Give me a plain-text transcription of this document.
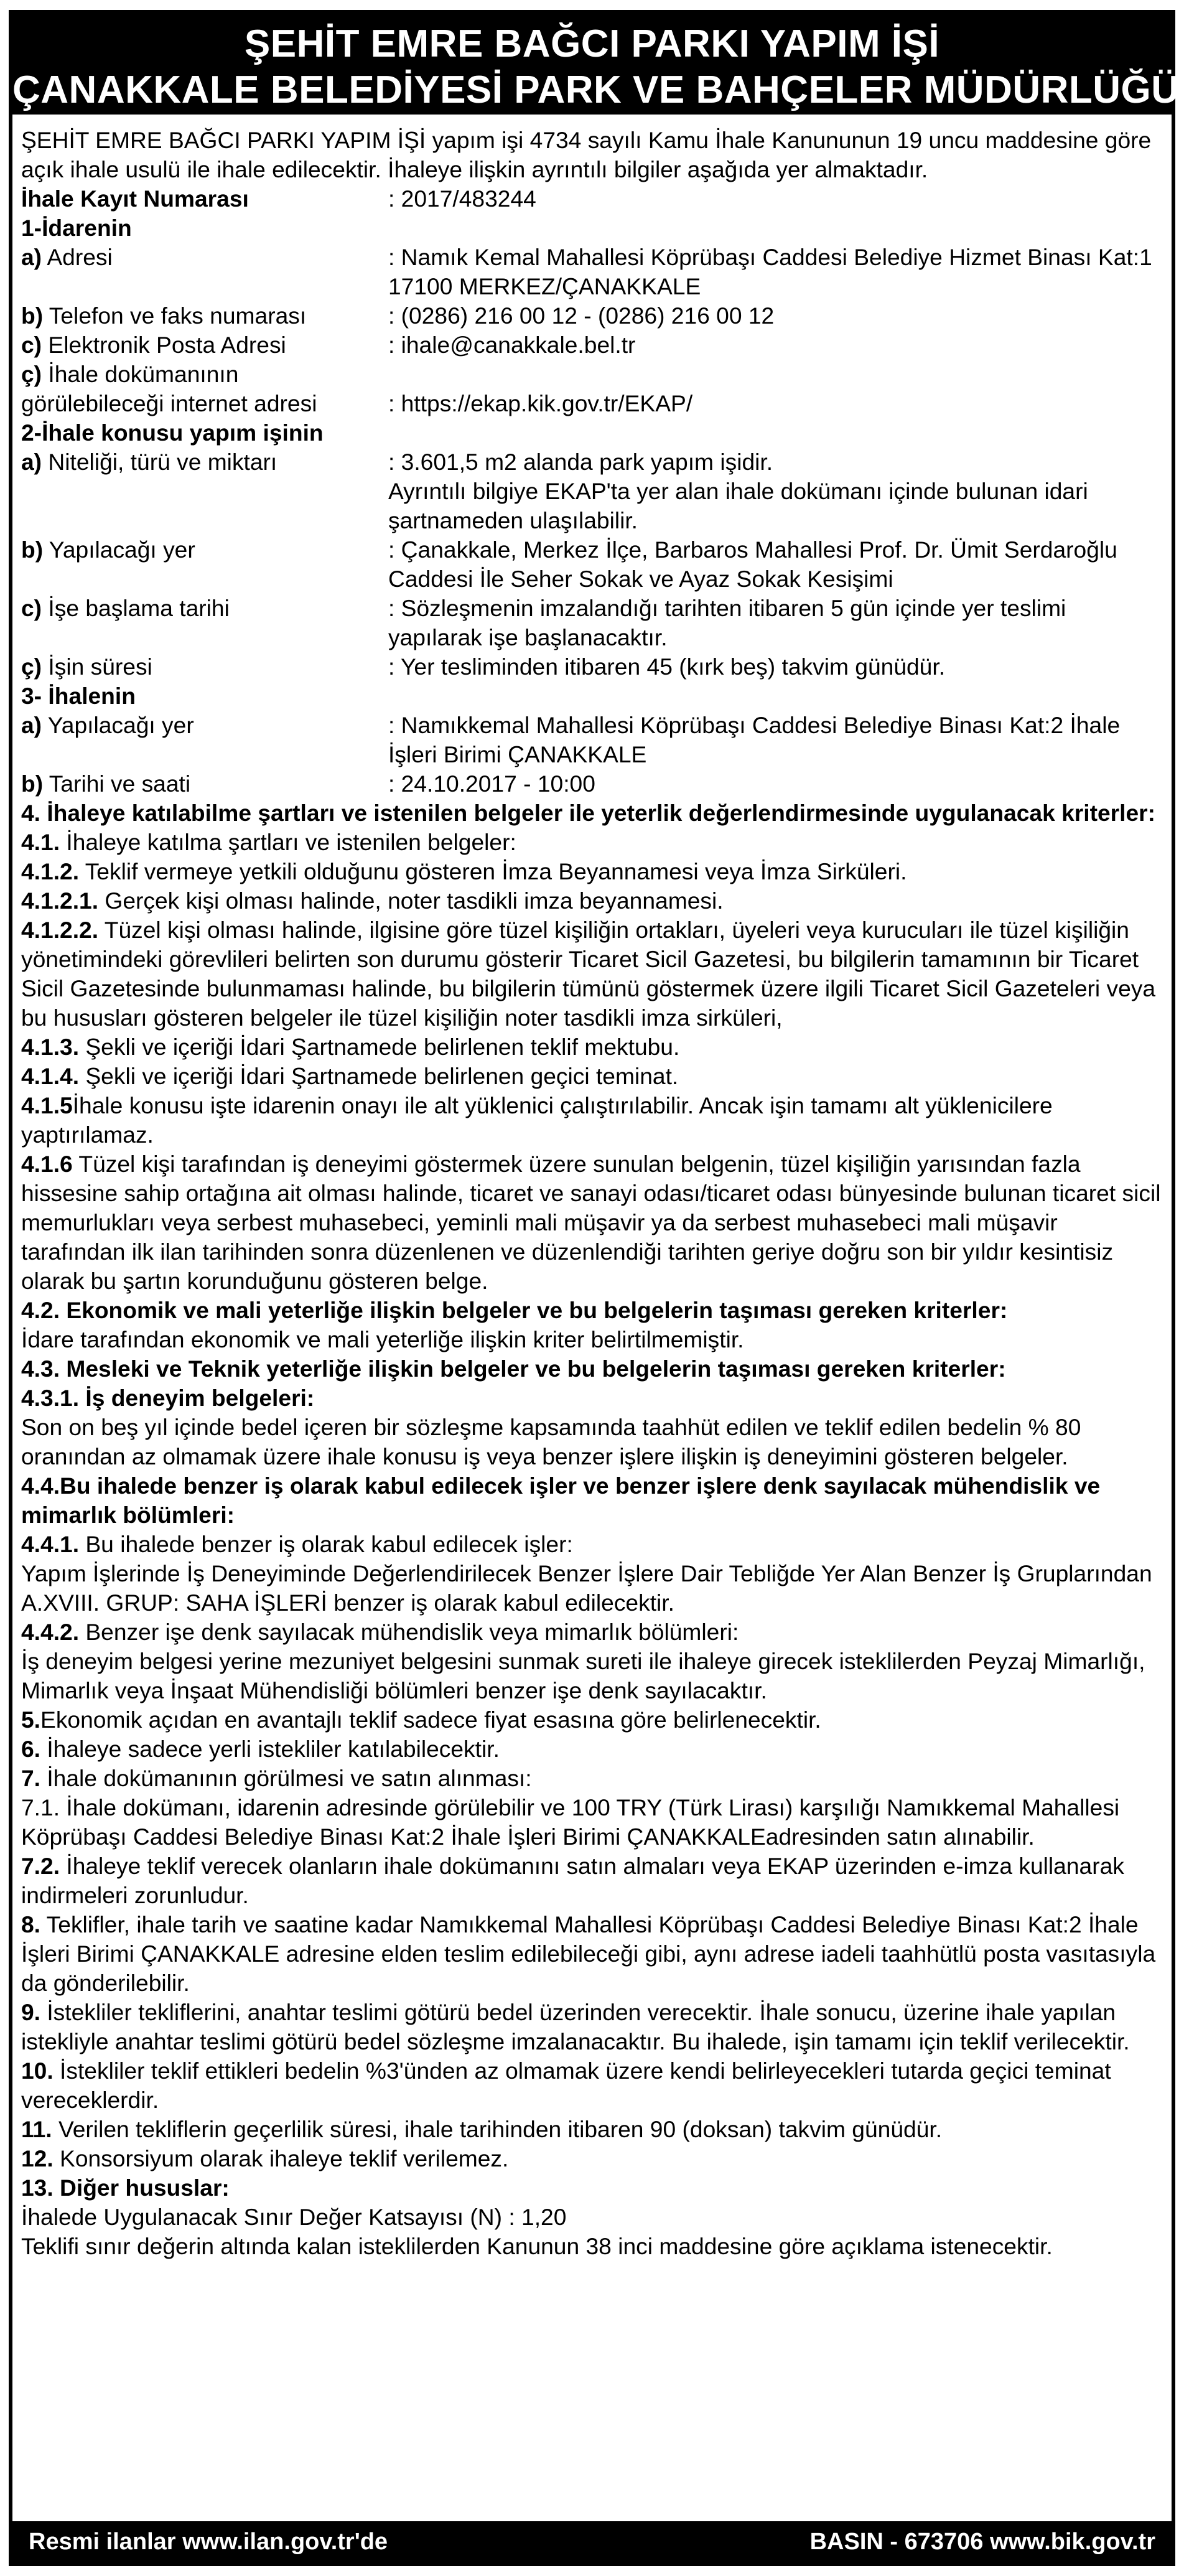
ŞEHİT EMRE BAĞCI PARKI YAPIM İŞİ
ÇANAKKALE BELEDİYESİ PARK VE BAHÇELER MÜDÜRLÜĞÜ

ŞEHİT EMRE BAĞCI PARKI YAPIM İŞİ yapım işi 4734 sayılı Kamu İhale Kanununun 19 uncu maddesine göre açık ihale usulü ile ihale edilecektir. İhaleye ilişkin ayrıntılı bilgiler aşağıda yer almaktadır.

İhale Kayıt Numarası	: 2017/483244

1-İdarenin

a) Adresi	: Namık Kemal Mahallesi Köprübaşı Caddesi Belediye Hizmet Binası Kat:1 17100 MERKEZ/ÇANAKKALE
b) Telefon ve faks numarası	: (0286) 216 00 12 - (0286) 216 00 12
c) Elektronik Posta Adresi	: ihale@canakkale.bel.tr
ç) İhale dokümanının
görülebileceği internet adresi	: https://ekap.kik.gov.tr/EKAP/

2-İhale konusu yapım işinin

a) Niteliği, türü ve miktarı	: 3.601,5 m2 alanda park yapım işidir.
Ayrıntılı bilgiye EKAP'ta yer alan ihale dokümanı içinde bulunan idari şartnameden ulaşılabilir.
b) Yapılacağı yer	: Çanakkale, Merkez İlçe, Barbaros Mahallesi Prof. Dr. Ümit Serdaroğlu Caddesi İle Seher Sokak ve Ayaz Sokak Kesişimi
c) İşe başlama tarihi	: Sözleşmenin imzalandığı tarihten itibaren 5 gün içinde yer teslimi yapılarak işe başlanacaktır.
ç) İşin süresi	: Yer tesliminden itibaren 45 (kırk beş) takvim günüdür.

3- İhalenin

a) Yapılacağı yer	: Namıkkemal Mahallesi Köprübaşı Caddesi Belediye Binası Kat:2 İhale İşleri Birimi ÇANAKKALE
b) Tarihi ve saati	: 24.10.2017 - 10:00

4. İhaleye katılabilme şartları ve istenilen belgeler ile yeterlik değerlendirmesinde uygulanacak kriterler:

4.1. İhaleye katılma şartları ve istenilen belgeler:

4.1.2. Teklif vermeye yetkili olduğunu gösteren İmza Beyannamesi veya İmza Sirküleri.

4.1.2.1. Gerçek kişi olması halinde, noter tasdikli imza beyannamesi.

4.1.2.2. Tüzel kişi olması halinde, ilgisine göre tüzel kişiliğin ortakları, üyeleri veya kurucuları ile tüzel kişiliğin yönetimindeki görevlileri belirten son durumu gösterir Ticaret Sicil Gazetesi, bu bilgilerin tamamının bir Ticaret Sicil Gazetesinde bulunmaması halinde, bu bilgilerin tümünü göstermek üzere ilgili Ticaret Sicil Gazeteleri veya bu hususları gösteren belgeler ile tüzel kişiliğin noter tasdikli imza sirküleri,

4.1.3. Şekli ve içeriği İdari Şartnamede belirlenen teklif mektubu.

4.1.4. Şekli ve içeriği İdari Şartnamede belirlenen geçici teminat.

4.1.5İhale konusu işte idarenin onayı ile alt yüklenici çalıştırılabilir. Ancak işin tamamı alt yüklenicilere yaptırılamaz.

4.1.6 Tüzel kişi tarafından iş deneyimi göstermek üzere sunulan belgenin, tüzel kişiliğin yarısından fazla hissesine sahip ortağına ait olması halinde, ticaret ve sanayi odası/ticaret odası bünyesinde bulunan ticaret sicil memurlukları veya serbest muhasebeci, yeminli mali müşavir ya da serbest muhasebeci mali müşavir tarafından ilk ilan tarihinden sonra düzenlenen ve düzenlendiği tarihten geriye doğru son bir yıldır kesintisiz olarak bu şartın korunduğunu gösteren belge.

4.2. Ekonomik ve mali yeterliğe ilişkin belgeler ve bu belgelerin taşıması gereken kriterler:

İdare tarafından ekonomik ve mali yeterliğe ilişkin kriter belirtilmemiştir.

4.3. Mesleki ve Teknik yeterliğe ilişkin belgeler ve bu belgelerin taşıması gereken kriterler:

4.3.1. İş deneyim belgeleri:

Son on beş yıl içinde bedel içeren bir sözleşme kapsamında taahhüt edilen ve teklif edilen bedelin % 80 oranından az olmamak üzere ihale konusu iş veya benzer işlere ilişkin iş deneyimini gösteren belgeler.

4.4.Bu ihalede benzer iş olarak kabul edilecek işler ve benzer işlere denk sayılacak mühendislik ve mimarlık bölümleri:

4.4.1. Bu ihalede benzer iş olarak kabul edilecek işler:

Yapım İşlerinde İş Deneyiminde Değerlendirilecek Benzer İşlere Dair Tebliğde Yer Alan Benzer İş Gruplarından A.XVIII. GRUP: SAHA İŞLERİ benzer iş olarak kabul edilecektir.

4.4.2. Benzer işe denk sayılacak mühendislik veya mimarlık bölümleri:

İş deneyim belgesi yerine mezuniyet belgesini sunmak sureti ile ihaleye girecek isteklilerden Peyzaj Mimarlığı, Mimarlık veya İnşaat Mühendisliği bölümleri benzer işe denk sayılacaktır.

5.Ekonomik açıdan en avantajlı teklif sadece fiyat esasına göre belirlenecektir.

6. İhaleye sadece yerli istekliler katılabilecektir.

7. İhale dokümanının görülmesi ve satın alınması:

7.1. İhale dokümanı, idarenin adresinde görülebilir ve 100 TRY (Türk Lirası) karşılığı Namıkkemal Mahallesi Köprübaşı Caddesi Belediye Binası Kat:2 İhale İşleri Birimi ÇANAKKALEadresinden satın alınabilir.

7.2. İhaleye teklif verecek olanların ihale dokümanını satın almaları veya EKAP üzerinden e-imza kullanarak indirmeleri zorunludur.

8. Teklifler, ihale tarih ve saatine kadar Namıkkemal Mahallesi Köprübaşı Caddesi Belediye Binası Kat:2 İhale İşleri Birimi ÇANAKKALE adresine elden teslim edilebileceği gibi, aynı adrese iadeli taahhütlü posta vasıtasıyla da gönderilebilir.

9. İstekliler tekliflerini, anahtar teslimi götürü bedel üzerinden verecektir. İhale sonucu, üzerine ihale yapılan istekliyle anahtar teslimi götürü bedel sözleşme imzalanacaktır. Bu ihalede, işin tamamı için teklif verilecektir.

10. İstekliler teklif ettikleri bedelin %3'ünden az olmamak üzere kendi belirleyecekleri tutarda geçici teminat vereceklerdir.

11. Verilen tekliflerin geçerlilik süresi, ihale tarihinden itibaren 90 (doksan) takvim günüdür.

12. Konsorsiyum olarak ihaleye teklif verilemez.

13. Diğer hususlar:

İhalede Uygulanacak Sınır Değer Katsayısı (N) : 1,20

Teklifi sınır değerin altında kalan isteklilerden Kanunun 38 inci maddesine göre açıklama istenecektir.

Resmi ilanlar www.ilan.gov.tr'de	BASIN - 673706 www.bik.gov.tr
